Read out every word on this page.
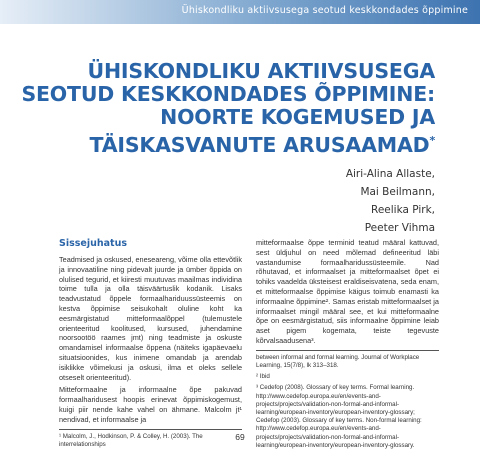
Ühiskondliku aktiivsusega seotud keskkondades õppimine
ÜHISKONDLIKU AKTIIVSUSEGA SEOTUD KESKKONDADES ÕPPIMINE: NOORTE KOGEMUSED JA TÄISKASVANUTE ARUSAAMAD*
Airi-Alina Allaste,
Mai Beilmann,
Reelika Pirk,
Peeter Vihma
Sissejuhatus

Teadmised ja oskused, eneseareng, võime olla ettevõtlik ja innovaatiline ning pidevalt juurde ja ümber õppida on olulised tegurid, et kiiresti muutuvas maailmas individina toime tulla ja olla täisväärtuslik kodanik. Lisaks teadvustatud õppele formaalhariduussüsteemis on kestva õppimise seisukohalt oluline koht ka eesmärgistatud mitteformaalõppel (tulemustele orienteeritud koolitused, kursused, juhendamine noorsootöö raames jmt) ning teadmiste ja oskuste omandamisel informaalse õppena (näiteks igapäevaelu situatsioonides, kus inimene omandab ja arendab isiklikke võimekusi ja oskusi, ilma et oleks sellele otseselt orienteeritud).

Mitteformaalne ja informaalne õpe pakuvad formaalharidusest hoopis erinevat õppimiskogemust, kuigi piir nende kahe vahel on ähmane. Malcolm jt¹ nendivad, et informaalse ja

¹ Malcolm, J., Hodkinson, P. & Colley, H. (2003). The interrelationships

mitteformaalse õppe terminid teatud määral kattuvad, sest üldjuhul on need mõlemad defineeritud läbi vastandumise formaalharidussüsteemile. Nad rõhutavad, et informaalset ja mitteformaalset õpet ei tohiks vaadelda üksteisest eraldiseisvatena, seda enam, et mitteformaalse õppimise käigus toimub enamasti ka informaalne õppimine². Samas eristab mitteformaalset ja informaalset mingil määral see, et kui mitteformaalne õpe on eesmärgistatud, siis informaalne õppimine leiab aset pigem kogemata, teiste tegevuste kõrvalsaadusena³.

between informal and formal learning. Journal of Workplace Learning, 15(7/8), lk 313–318.

² Ibid

³ Cedefop (2008). Glossary of key terms. Formal learning. http://www.cedefop.europa.eu/en/events-and-projects/projects/validation-non-formal-and-informal-learning/european-inventory/european-inventory-glossary; Cedefop (2003). Glossary of key terms. Non-formal learning: http://www.cedefop.europa.eu/en/events-and-projects/projects/validation-non-formal-and-informal-learning/european-inventory/european-inventory-glossary.

69
